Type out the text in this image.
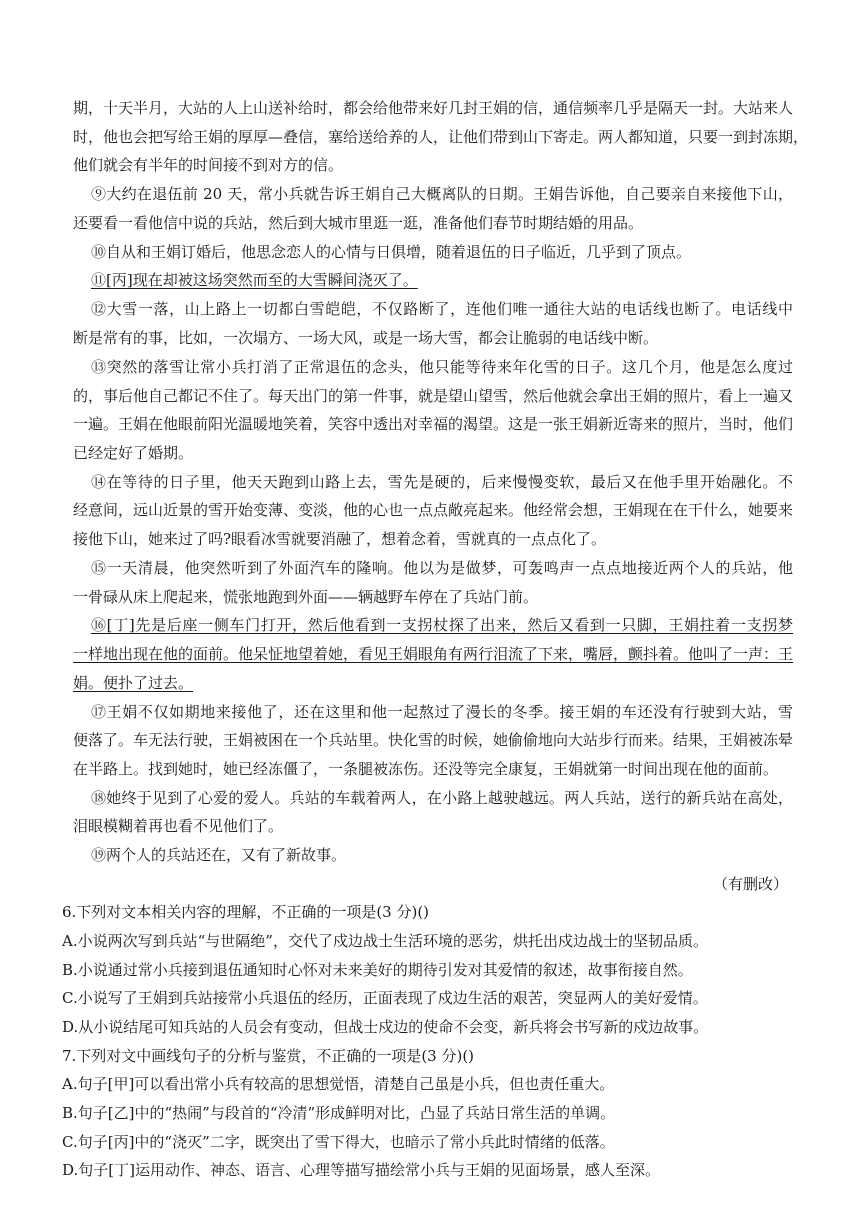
期，十天半月，大站的人上山送补给时，都会给他带来好几封王娟的信，通信频率几乎是隔天一封。大站来人
时，他也会把写给王娟的厚厚—叠信，塞给送给养的人，让他们带到山下寄走。两人都知道，只要一到封冻期，
他们就会有半年的时间接不到对方的信。
⑨大约在退伍前 20 天，常小兵就告诉王娟自己大概离队的日期。王娟告诉他，自己要亲自来接他下山，
还要看一看他信中说的兵站，然后到大城市里逛一逛，准备他们春节时期结婚的用品。
⑩自从和王娟订婚后，他思念恋人的心情与日俱增，随着退伍的日子临近，几乎到了顶点。
⑪[丙]现在却被这场突然而至的大雪瞬间浇灭了。
⑫大雪一落，山上路上一切都白雪皑皑，不仅路断了，连他们唯一通往大站的电话线也断了。电话线中
断是常有的事，比如，一次塌方、一场大风，或是一场大雪，都会让脆弱的电话线中断。
⑬突然的落雪让常小兵打消了正常退伍的念头，他只能等待来年化雪的日子。这几个月，他是怎么度过
的，事后他自己都记不住了。每天出门的第一件事，就是望山望雪，然后他就会拿出王娟的照片，看上一遍又
一遍。王娟在他眼前阳光温暖地笑着，笑容中透出对幸福的渴望。这是一张王娟新近寄来的照片，当时，他们
已经定好了婚期。
⑭在等待的日子里，他天天跑到山路上去，雪先是硬的，后来慢慢变软，最后又在他手里开始融化。不
经意间，远山近景的雪开始变薄、变淡，他的心也一点点敞亮起来。他经常会想，王娟现在在干什么，她要来
接他下山，她来过了吗?眼看冰雪就要消融了，想着念着，雪就真的一点点化了。
⑮一天清晨，他突然听到了外面汽车的隆响。他以为是做梦，可轰鸣声一点点地接近两个人的兵站，他
一骨碌从床上爬起来，慌张地跑到外面——辆越野车停在了兵站门前。
⑯[丁]先是后座一侧车门打开，然后他看到一支拐杖探了出来，然后又看到一只脚，王娟拄着一支拐梦
一样地出现在他的面前。他呆怔地望着她，看见王娟眼角有两行泪流了下来，嘴唇，颤抖着。他叫了一声：王
娟。便扑了过去。
⑰王娟不仅如期地来接他了，还在这里和他一起熬过了漫长的冬季。接王娟的车还没有行驶到大站，雪
便落了。车无法行驶，王娟被困在一个兵站里。快化雪的时候，她偷偷地向大站步行而来。结果，王娟被冻晕
在半路上。找到她时，她已经冻僵了，一条腿被冻伤。还没等完全康复，王娟就第一时间出现在他的面前。
⑱她终于见到了心爱的爱人。兵站的车载着两人，在小路上越驶越远。两人兵站，送行的新兵站在高处，
泪眼模糊着再也看不见他们了。
⑲两个人的兵站还在，又有了新故事。
（有删改）
6.下列对文本相关内容的理解，不正确的一项是(3 分)()
A.小说两次写到兵站“与世隔绝”，交代了戍边战士生活环境的恶劣，烘托出戍边战士的坚韧品质。
B.小说通过常小兵接到退伍通知时心怀对未来美好的期待引发对其爱情的叙述，故事衔接自然。
C.小说写了王娟到兵站接常小兵退伍的经历，正面表现了戍边生活的艰苦，突显两人的美好爱情。
D.从小说结尾可知兵站的人员会有变动，但战士戍边的使命不会变，新兵将会书写新的戍边故事。
7.下列对文中画线句子的分析与鉴赏，不正确的一项是(3 分)()
A.句子[甲]可以看出常小兵有较高的思想觉悟，清楚自己虽是小兵，但也责任重大。
B.句子[乙]中的“热闹”与段首的“冷清”形成鲜明对比，凸显了兵站日常生活的单调。
C.句子[丙]中的“浇灭”二字，既突出了雪下得大，也暗示了常小兵此时情绪的低落。
D.句子[丁]运用动作、神态、语言、心理等描写描绘常小兵与王娟的见面场景，感人至深。
